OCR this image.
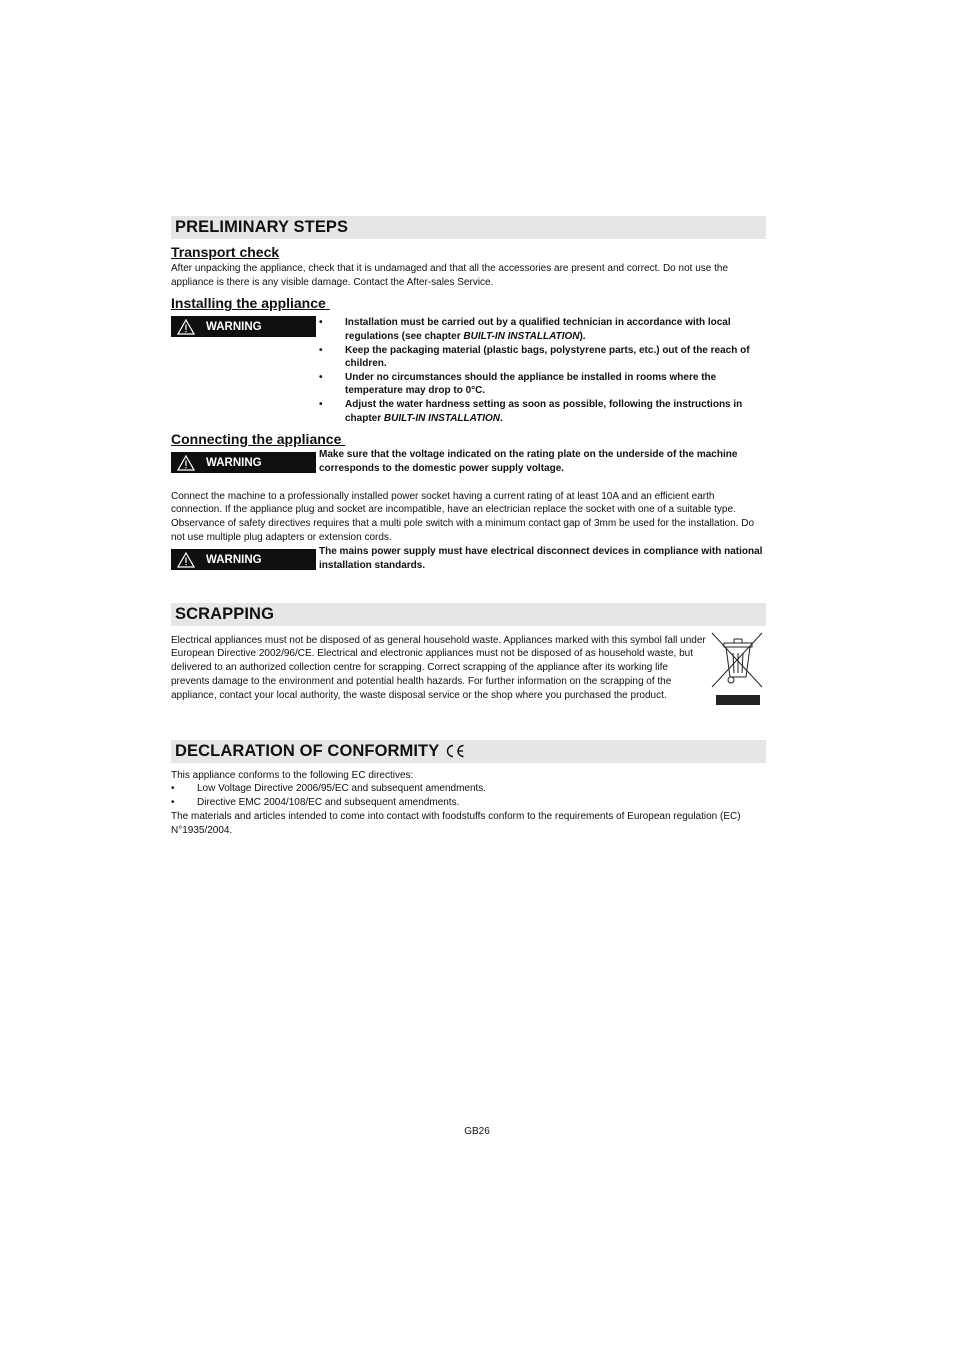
PRELIMINARY STEPS
Transport check

After unpacking the appliance, check that it is undamaged and that all the accessories are present and correct. Do not use the appliance is there is any visible damage. Contact the After-sales Service.

Installing the appliance
WARNING	•	Installation must be carried out by a qualified technician in accordance with local regulations (see chapter BUILT-IN INSTALLATION).
•	Keep the packaging material (plastic bags, polystyrene parts, etc.) out of the reach of children.
•	Under no circumstances should the appliance be installed in rooms where the temperature may drop to 0°C.
•	Adjust the water hardness setting as soon as possible, following the instructions in chapter BUILT-IN INSTALLATION.
Connecting the appliance
WARNING

Make sure that the voltage indicated on the rating plate on the underside of the machine corresponds to the domestic power supply voltage.

Connect the machine to a professionally installed power socket having a current rating of at least 10A and an efficient earth connection. If the appliance plug and socket are incompatible, have an electrician replace the socket with one of a suitable type. Observance of safety directives requires that a multi pole switch with a minimum contact gap of 3mm be used for the installation. Do not use multiple plug adapters or extension cords.

WARNING

The mains power supply must have electrical disconnect devices in compliance with national installation standards.

SCRAPPING

Electrical appliances must not be disposed of as general household waste. Appliances marked with this symbol fall under European Directive 2002/96/CE. Electrical and electronic appliances must not be disposed of as household waste, but delivered to an authorized collection centre for scrapping. Correct scrapping of the appliance after its working life prevents damage to the environment and potential health hazards. For further information on the scrapping of the appliance, contact your local authority, the waste disposal service or the shop where you purchased the product.

DECLARATION OF CONFORMITY

This appliance conforms to the following EC directives:

•	Low Voltage Directive 2006/95/EC and subsequent amendments.
•	Directive EMC 2004/108/EC and subsequent amendments.

The materials and articles intended to come into contact with foodstuffs conform to the requirements of European regulation (EC) N°1935/2004.

GB26
